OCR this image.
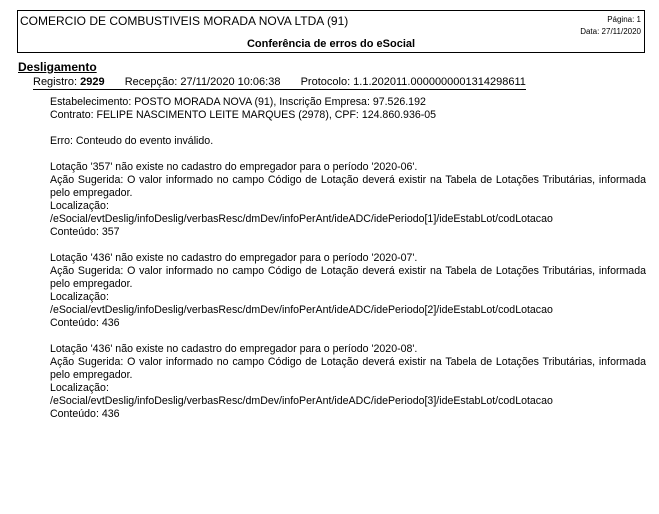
COMERCIO DE COMBUSTIVEIS MORADA NOVA LTDA (91)	Página: 1
Data: 27/11/2020
Conferência de erros do eSocial
Desligamento
Registro: 2929 Recepção: 27/11/2020 10:06:38 Protocolo: 1.1.202011.0000000001314298611

Estabelecimento: POSTO MORADA NOVA (91), Inscrição Empresa: 97.526.192

Contrato: FELIPE NASCIMENTO LEITE MARQUES (2978), CPF: 124.860.936-05

Erro: Conteudo do evento inválido.

Lotação '357' não existe no cadastro do empregador para o período '2020-06'.

Ação Sugerida: O valor informado no campo Código de Lotação deverá existir na Tabela de Lotações Tributárias, informada pelo empregador.

Localização:

/eSocial/evtDeslig/infoDeslig/verbasResc/dmDev/infoPerAnt/ideADC/idePeriodo[1]/ideEstabLot/codLotacao

Conteúdo: 357

Lotação '436' não existe no cadastro do empregador para o período '2020-07'.

Ação Sugerida: O valor informado no campo Código de Lotação deverá existir na Tabela de Lotações Tributárias, informada pelo empregador.

Localização:

/eSocial/evtDeslig/infoDeslig/verbasResc/dmDev/infoPerAnt/ideADC/idePeriodo[2]/ideEstabLot/codLotacao

Conteúdo: 436

Lotação '436' não existe no cadastro do empregador para o período '2020-08'.

Ação Sugerida: O valor informado no campo Código de Lotação deverá existir na Tabela de Lotações Tributárias, informada pelo empregador.

Localização:

/eSocial/evtDeslig/infoDeslig/verbasResc/dmDev/infoPerAnt/ideADC/idePeriodo[3]/ideEstabLot/codLotacao

Conteúdo: 436
